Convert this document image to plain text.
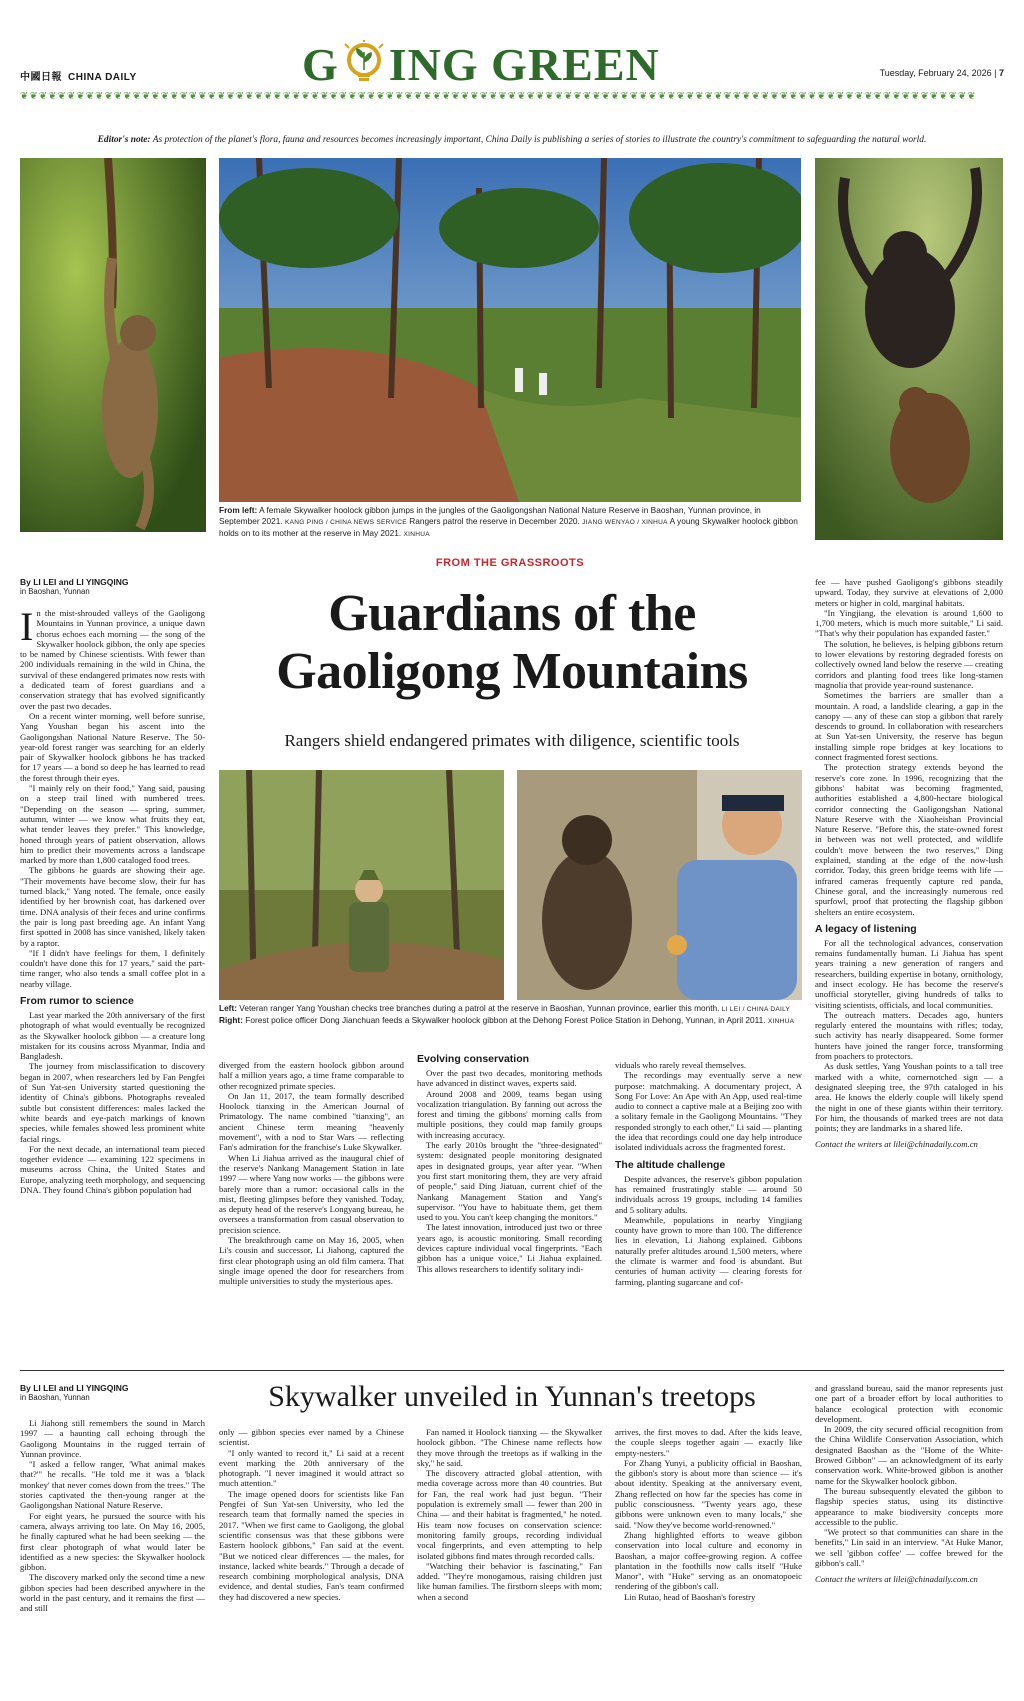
中國日報 CHINA DAILY	G ING GREEN	Tuesday, February 24, 2026 | 7
❦❦❦❦❦❦❦❦❦❦❦❦❦❦❦❦❦❦❦❦❦❦❦❦❦❦❦❦❦❦❦❦❦❦❦❦❦❦❦❦❦❦❦❦❦❦❦❦❦❦❦❦❦❦❦❦❦❦❦❦❦❦❦❦❦❦❦❦❦❦❦❦❦❦❦❦❦❦❦❦❦❦❦❦❦❦❦❦❦❦❦❦❦❦❦❦❦❦❦❦❦❦
Editor's note: As protection of the planet's flora, fauna and resources becomes increasingly important, China Daily is publishing a series of stories to illustrate the country's commitment to safeguarding the natural world.
From left: A female Skywalker hoolock gibbon jumps in the jungles of the Gaoligongshan National Nature Reserve in Baoshan, Yunnan province, in September 2021. KANG PING / CHINA NEWS SERVICE Rangers patrol the reserve in December 2020. JIANG WENYAO / XINHUA A young Skywalker hoolock gibbon holds on to its mother at the reserve in May 2021. XINHUA
FROM THE GRASSROOTS
Guardians of the
Gaoligong Mountains
Rangers shield endangered primates with diligence, scientific tools
By LI LEI and LI YINGQING
in Baoshan, Yunnan
Left: Veteran ranger Yang Youshan checks tree branches during a patrol at the reserve in Baoshan, Yunnan province, earlier this month. LI LEI / CHINA DAILY Right: Forest police officer Dong Jianchuan feeds a Skywalker hoolock gibbon at the Dehong Forest Police Station in Dehong, Yunnan, in April 2011. XINHUA

In the mist-shrouded valleys of the Gaoligong Mountains in Yunnan province, a unique dawn chorus echoes each morning — the song of the Skywalker hoolock gibbon, the only ape species to be named by Chinese scientists. With fewer than 200 individuals remaining in the wild in China, the survival of these endangered primates now rests with a dedicated team of forest guardians and a conservation strategy that has evolved significantly over the past two decades.

On a recent winter morning, well before sunrise, Yang Youshan began his ascent into the Gaoligongshan National Nature Reserve. The 50-year-old forest ranger was searching for an elderly pair of Skywalker hoolock gibbons he has tracked for 17 years — a bond so deep he has learned to read the forest through their eyes.

"I mainly rely on their food," Yang said, pausing on a steep trail lined with numbered trees. "Depending on the season — spring, summer, autumn, winter — we know what fruits they eat, what tender leaves they prefer." This knowledge, honed through years of patient observation, allows him to predict their movements across a landscape marked by more than 1,800 cataloged food trees.

The gibbons he guards are showing their age. "Their movements have become slow, their fur has turned black," Yang noted. The female, once easily identified by her brownish coat, has darkened over time. DNA analysis of their feces and urine confirms the pair is long past breeding age. An infant Yang first spotted in 2008 has since vanished, likely taken by a raptor.

"If I didn't have feelings for them, I definitely couldn't have done this for 17 years," said the part-time ranger, who also tends a small coffee plot in a nearby village.

From rumor to science

Last year marked the 20th anniversary of the first photograph of what would eventually be recognized as the Skywalker hoolock gibbon — a creature long mistaken for its cousins across Myanmar, India and Bangladesh.

The journey from misclassification to discovery began in 2007, when researchers led by Fan Pengfei of Sun Yat-sen University started questioning the identity of China's gibbons. Photographs revealed subtle but consistent differences: males lacked the white beards and eye-patch markings of known species, while females showed less prominent white facial rings.

For the next decade, an international team pieced together evidence — examining 122 specimens in museums across China, the United States and Europe, analyzing teeth morphology, and sequencing DNA. They found China's gibbon population had

diverged from the eastern hoolock gibbon around half a million years ago, a time frame comparable to other recognized primate species.

On Jan 11, 2017, the team formally described Hoolock tianxing in the American Journal of Primatology. The name combined "tianxing", an ancient Chinese term meaning "heavenly movement", with a nod to Star Wars — reflecting Fan's admiration for the franchise's Luke Skywalker.

When Li Jiahua arrived as the inaugural chief of the reserve's Nankang Management Station in late 1997 — where Yang now works — the gibbons were barely more than a rumor: occasional calls in the mist, fleeting glimpses before they vanished. Today, as deputy head of the reserve's Longyang bureau, he oversees a transformation from casual observation to precision science.

The breakthrough came on May 16, 2005, when Li's cousin and successor, Li Jiahong, captured the first clear photograph using an old film camera. That single image opened the door for researchers from multiple universities to study the mysterious apes.

Evolving conservation

Over the past two decades, monitoring methods have advanced in distinct waves, experts said.

Around 2008 and 2009, teams began using vocalization triangulation. By fanning out across the forest and timing the gibbons' morning calls from multiple positions, they could map family groups with increasing accuracy.

The early 2010s brought the "three-designated" system: designated people monitoring designated apes in designated groups, year after year. "When you first start monitoring them, they are very afraid of people," said Ding Jiatuan, current chief of the Nankang Management Station and Yang's supervisor. "You have to habituate them, get them used to you. You can't keep changing the monitors."

The latest innovation, introduced just two or three years ago, is acoustic monitoring. Small recording devices capture individual vocal fingerprints. "Each gibbon has a unique voice," Li Jiahua explained. This allows researchers to identify solitary indi-

viduals who rarely reveal themselves.

The recordings may eventually serve a new purpose: matchmaking. A documentary project, A Song For Love: An Ape with An App, used real-time audio to connect a captive male at a Beijing zoo with a solitary female in the Gaoligong Mountains. "They responded strongly to each other," Li said — planting the idea that recordings could one day help introduce isolated individuals across the fragmented forest.

The altitude challenge

Despite advances, the reserve's gibbon population has remained frustratingly stable — around 50 individuals across 19 groups, including 14 families and 5 solitary adults.

Meanwhile, populations in nearby Yingjiang county have grown to more than 100. The difference lies in elevation, Li Jiahong explained. Gibbons naturally prefer altitudes around 1,500 meters, where the climate is warmer and food is abundant. But centuries of human activity — clearing forests for farming, planting sugarcane and cof-

fee — have pushed Gaoligong's gibbons steadily upward. Today, they survive at elevations of 2,000 meters or higher in cold, marginal habitats.

"In Yingjiang, the elevation is around 1,600 to 1,700 meters, which is much more suitable," Li said. "That's why their population has expanded faster."

The solution, he believes, is helping gibbons return to lower elevations by restoring degraded forests on collectively owned land below the reserve — creating corridors and planting food trees like long-stamen magnolia that provide year-round sustenance.

Sometimes the barriers are smaller than a mountain. A road, a landslide clearing, a gap in the canopy — any of these can stop a gibbon that rarely descends to ground. In collaboration with researchers at Sun Yat-sen University, the reserve has begun installing simple rope bridges at key locations to connect fragmented forest sections.

The protection strategy extends beyond the reserve's core zone. In 1996, recognizing that the gibbons' habitat was becoming fragmented, authorities established a 4,800-hectare biological corridor connecting the Gaoligongshan National Nature Reserve with the Xiaoheishan Provincial Nature Reserve. "Before this, the state-owned forest in between was not well protected, and wildlife couldn't move between the two reserves," Ding explained, standing at the edge of the now-lush corridor. Today, this green bridge teems with life — infrared cameras frequently capture red panda, Chinese goral, and the increasingly numerous red spurfowl, proof that protecting the flagship gibbon shelters an entire ecosystem.

A legacy of listening

For all the technological advances, conservation remains fundamentally human. Li Jiahua has spent years training a new generation of rangers and researchers, building expertise in botany, ornithology, and insect ecology. He has become the reserve's unofficial storyteller, giving hundreds of talks to visiting scientists, officials, and local communities.

The outreach matters. Decades ago, hunters regularly entered the mountains with rifles; today, such activity has nearly disappeared. Some former hunters have joined the ranger force, transforming from poachers to protectors.

As dusk settles, Yang Youshan points to a tall tree marked with a white, cornernotched sign — a designated sleeping tree, the 97th cataloged in his area. He knows the elderly couple will likely spend the night in one of these giants within their territory. For him, the thousands of marked trees are not data points; they are landmarks in a shared life.

Contact the writers at lilei@chinadaily.com.cn

By LI LEI and LI YINGQING
in Baoshan, Yunnan	Skywalker unveiled in Yunnan's treetops

Li Jiahong still remembers the sound in March 1997 — a haunting call echoing through the Gaoligong Mountains in the rugged terrain of Yunnan province.

"I asked a fellow ranger, 'What animal makes that?'" he recalls. "He told me it was a 'black monkey' that never comes down from the trees." The stories captivated the then-young ranger at the Gaoligongshan National Nature Reserve.

For eight years, he pursued the source with his camera, always arriving too late. On May 16, 2005, he finally captured what he had been seeking — the first clear photograph of what would later be identified as a new species: the Skywalker hoolock gibbon.

The discovery marked only the second time a new gibbon species had been described anywhere in the world in the past century, and it remains the first — and still

only — gibbon species ever named by a Chinese scientist.

"I only wanted to record it," Li said at a recent event marking the 20th anniversary of the photograph. "I never imagined it would attract so much attention."

The image opened doors for scientists like Fan Pengfei of Sun Yat-sen University, who led the research team that formally named the species in 2017. "When we first came to Gaoligong, the global scientific consensus was that these gibbons were Eastern hoolock gibbons," Fan said at the event. "But we noticed clear differences — the males, for instance, lacked white beards." Through a decade of research combining morphological analysis, DNA evidence, and dental studies, Fan's team confirmed they had discovered a new species.

Fan named it Hoolock tianxing — the Skywalker hoolock gibbon. "The Chinese name reflects how they move through the treetops as if walking in the sky," he said.

The discovery attracted global attention, with media coverage across more than 40 countries. But for Fan, the real work had just begun. "Their population is extremely small — fewer than 200 in China — and their habitat is fragmented," he noted. His team now focuses on conservation science: monitoring family groups, recording individual vocal fingerprints, and even attempting to help isolated gibbons find mates through recorded calls.

"Watching their behavior is fascinating," Fan added. "They're monogamous, raising children just like human families. The firstborn sleeps with mom; when a second

arrives, the first moves to dad. After the kids leave, the couple sleeps together again — exactly like empty-nesters."

For Zhang Yunyi, a publicity official in Baoshan, the gibbon's story is about more than science — it's about identity. Speaking at the anniversary event, Zhang reflected on how far the species has come in public consciousness. "Twenty years ago, these gibbons were unknown even to many locals," she said. "Now they've become world-renowned."

Zhang highlighted efforts to weave gibbon conservation into local culture and economy in Baoshan, a major coffee-growing region. A coffee plantation in the foothills now calls itself "Huke Manor", with "Huke" serving as an onomatopoeic rendering of the gibbon's call.

Lin Rutao, head of Baoshan's forestry

and grassland bureau, said the manor represents just one part of a broader effort by local authorities to balance ecological protection with economic development.

In 2009, the city secured official recognition from the China Wildlife Conservation Association, which designated Baoshan as the "Home of the White-Browed Gibbon" — an acknowledgment of its early conservation work. White-browed gibbon is another name for the Skywalker hoolock gibbon.

The bureau subsequently elevated the gibbon to flagship species status, using its distinctive appearance to make biodiversity concepts more accessible to the public.

"We protect so that communities can share in the benefits," Lin said in an interview. "At Huke Manor, we sell 'gibbon coffee' — coffee brewed for the gibbon's call."

Contact the writers at lilei@chinadaily.com.cn
